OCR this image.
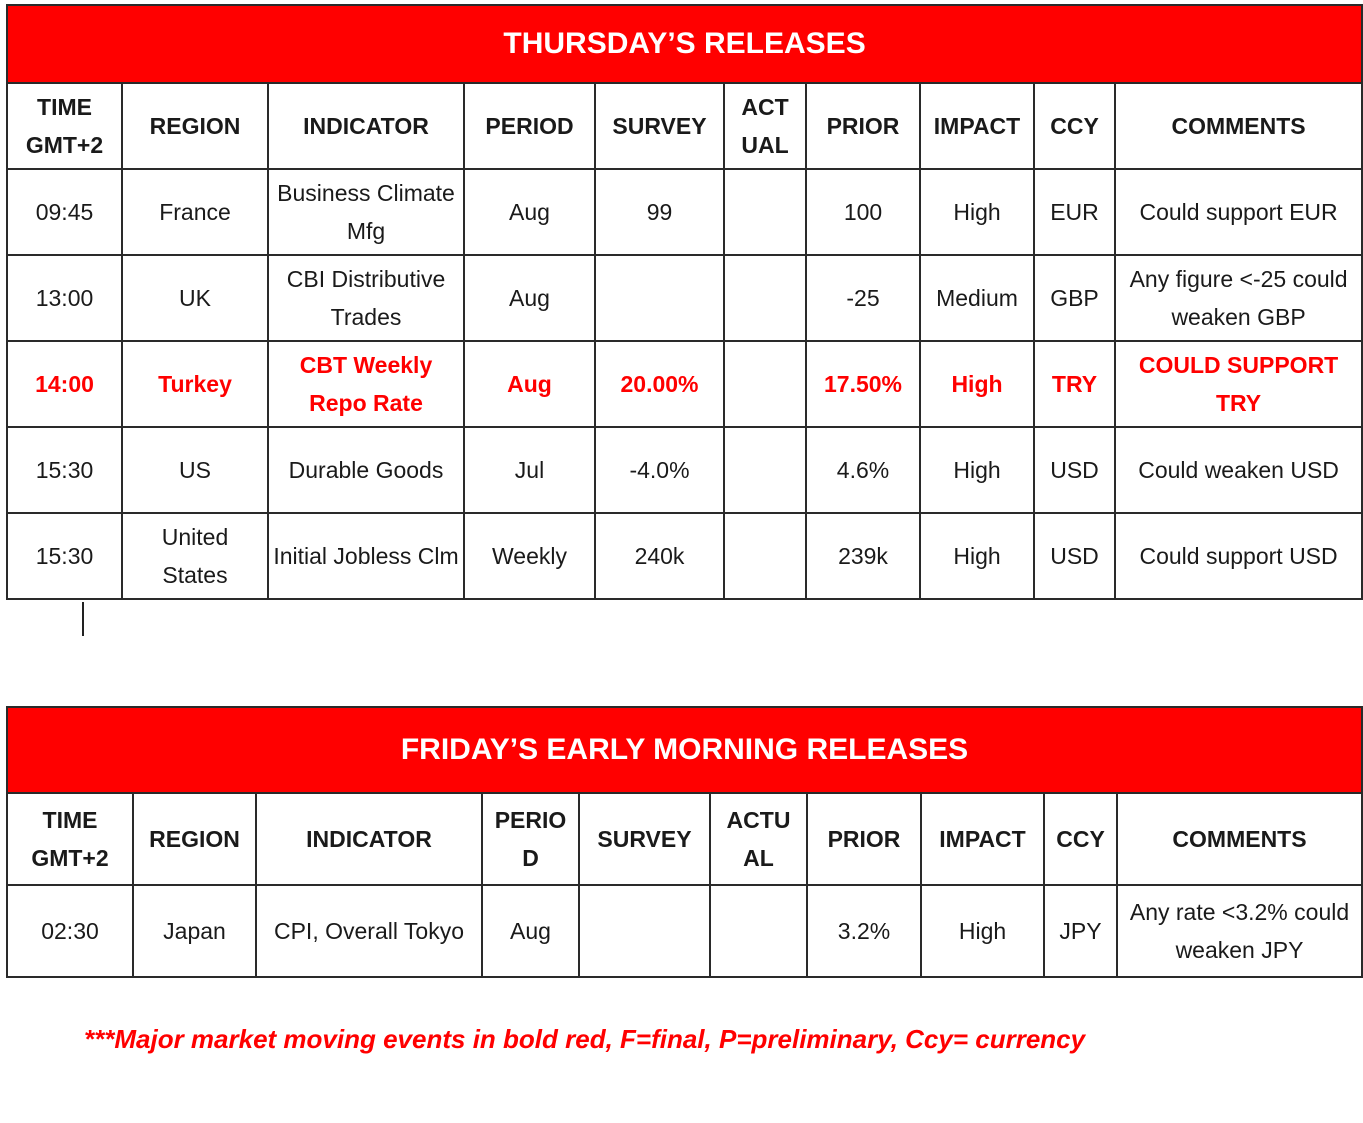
THURSDAY’S RELEASES									
TIME GMT+2	REGION	INDICATOR	PERIOD	SURVEY	ACT UAL	PRIOR	IMPACT	CCY	COMMENTS
09:45	France	Business Climate Mfg	Aug	99		100	High	EUR	Could support EUR
13:00	UK	CBI Distributive Trades	Aug			-25	Medium	GBP	Any figure <-25 could weaken GBP
14:00	Turkey	CBT Weekly Repo Rate	Aug	20.00%		17.50%	High	TRY	COULD SUPPORT TRY
15:30	US	Durable Goods	Jul	-4.0%		4.6%	High	USD	Could weaken USD
15:30	United States	Initial Jobless Clm	Weekly	240k		239k	High	USD	Could support USD
FRIDAY’S EARLY MORNING RELEASES									
TIME GMT+2	REGION	INDICATOR	PERIO D	SURVEY	ACTU AL	PRIOR	IMPACT	CCY	COMMENTS
02:30	Japan	CPI, Overall Tokyo	Aug			3.2%	High	JPY	Any rate <3.2% could weaken JPY
***Major market moving events in bold red, F=final, P=preliminary, Ccy= currency
